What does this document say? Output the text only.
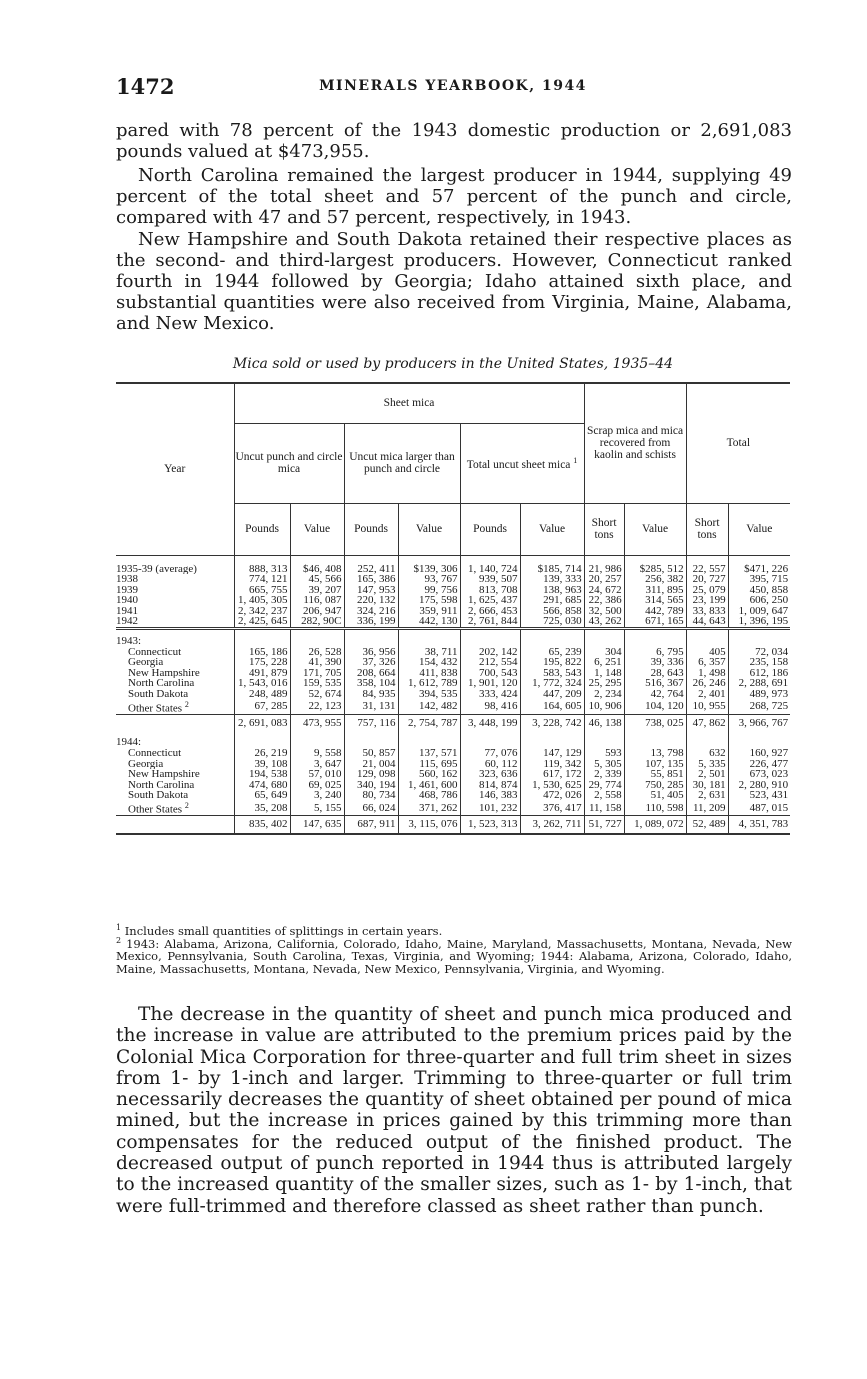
1472	MINERALS YEARBOOK, 1944

pared with 78 percent of the 1943 domestic production or 2,691,083 pounds valued at $473,955.

North Carolina remained the largest producer in 1944, supplying 49 percent of the total sheet and 57 percent of the punch and circle, compared with 47 and 57 percent, respectively, in 1943.

New Hampshire and South Dakota retained their respective places as the second- and third-largest producers. However, Connecticut ranked fourth in 1944 followed by Georgia; Idaho attained sixth place, and substantial quantities were also received from Virginia, Maine, Alabama, and New Mexico.

Mica sold or used by producers in the United States, 1935–44
Year	Sheet mica						Scrap mica and mica recovered from kaolin and schists		Total	
	Uncut punch and circle mica		Uncut mica larger than punch and circle		Total uncut sheet mica $^1$
	Pounds	Value	Pounds	Value	Pounds	Value	Short tons	Value	Short tons	Value

1935-39 (average)	888, 313	$46, 408	252, 411	$139, 306	1, 140, 724	$185, 714	21, 986	$285, 512	22, 557	$471, 226
1938	774, 121	45, 566	165, 386	93, 767	939, 507	139, 333	20, 257	256, 382	20, 727	395, 715
1939	665, 755	39, 207	147, 953	99, 756	813, 708	138, 963	24, 672	311, 895	25, 079	450, 858
1940	1, 405, 305	116, 087	220, 132	175, 598	1, 625, 437	291, 685	22, 386	314, 565	23, 199	606, 250
1941	2, 342, 237	206, 947	324, 216	359, 911	2, 666, 453	566, 858	32, 500	442, 789	33, 833	1, 009, 647
1942	2, 425, 645	282, 90C	336, 199	442, 130	2, 761, 844	725, 030	43, 262	671, 165	44, 643	1, 396, 195
1943:										
Connecticut	165, 186	26, 528	36, 956	38, 711	202, 142	65, 239	304	6, 795	405	72, 034
Georgia	175, 228	41, 390	37, 326	154, 432	212, 554	195, 822	6, 251	39, 336	6, 357	235, 158
New Hampshire	491, 879	171, 705	208, 664	411, 838	700, 543	583, 543	1, 148	28, 643	1, 498	612, 186
North Carolina	1, 543, 016	159, 535	358, 104	1, 612, 789	1, 901, 120	1, 772, 324	25, 295	516, 367	26, 246	2, 288, 691
South Dakota	248, 489	52, 674	84, 935	394, 535	333, 424	447, 209	2, 234	42, 764	2, 401	489, 973
Other States $^2$	67, 285	22, 123	31, 131	142, 482	98, 416	164, 605	10, 906	104, 120	10, 955	268, 725
	2, 691, 083	473, 955	757, 116	2, 754, 787	3, 448, 199	3, 228, 742	46, 138	738, 025	47, 862	3, 966, 767
1944:										
Connecticut	26, 219	9, 558	50, 857	137, 571	77, 076	147, 129	593	13, 798	632	160, 927
Georgia	39, 108	3, 647	21, 004	115, 695	60, 112	119, 342	5, 305	107, 135	5, 335	226, 477
New Hampshire	194, 538	57, 010	129, 098	560, 162	323, 636	617, 172	2, 339	55, 851	2, 501	673, 023
North Carolina	474, 680	69, 025	340, 194	1, 461, 600	814, 874	1, 530, 625	29, 774	750, 285	30, 181	2, 280, 910
South Dakota	65, 649	3, 240	80, 734	468, 786	146, 383	472, 026	2, 558	51, 405	2, 631	523, 431
Other States $^2$	35, 208	5, 155	66, 024	371, 262	101, 232	376, 417	11, 158	110, 598	11, 209	487, 015
	835, 402	147, 635	687, 911	3, 115, 076	1, 523, 313	3, 262, 711	51, 727	1, 089, 072	52, 489	4, 351, 783

$^1$ Includes small quantities of splittings in certain years.

$^2$ 1943: Alabama, Arizona, California, Colorado, Idaho, Maine, Maryland, Massachusetts, Montana, Nevada, New Mexico, Pennsylvania, South Carolina, Texas, Virginia, and Wyoming; 1944: Alabama, Arizona, Colorado, Idaho, Maine, Massachusetts, Montana, Nevada, New Mexico, Pennsylvania, Virginia, and Wyoming.

The decrease in the quantity of sheet and punch mica produced and the increase in value are attributed to the premium prices paid by the Colonial Mica Corporation for three-quarter and full trim sheet in sizes from 1- by 1-inch and larger. Trimming to three-quarter or full trim necessarily decreases the quantity of sheet obtained per pound of mica mined, but the increase in prices gained by this trimming more than compensates for the reduced output of the finished product. The decreased output of punch reported in 1944 thus is attributed largely to the increased quantity of the smaller sizes, such as 1- by 1-inch, that were full-trimmed and therefore classed as sheet rather than punch.
